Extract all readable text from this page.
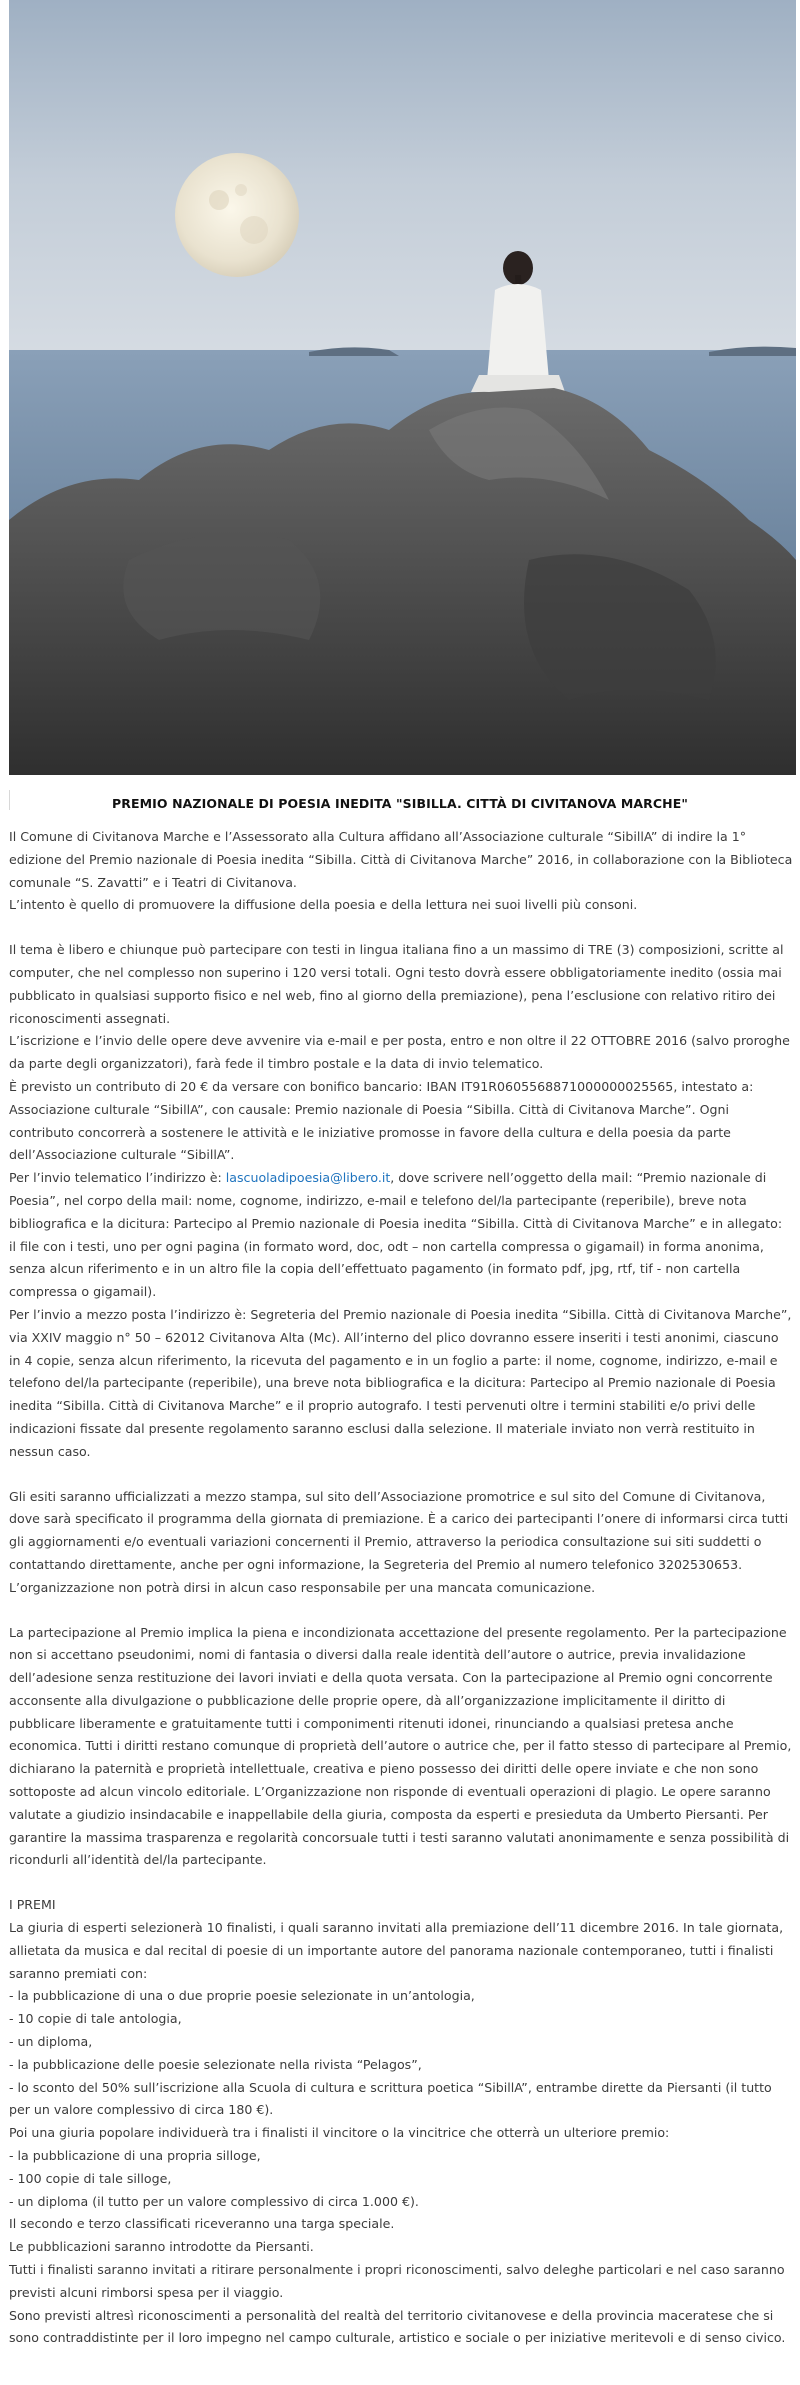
PREMIO NAZIONALE DI POESIA INEDITA "SIBILLA. CITTÀ DI CIVITANOVA MARCHE"

Il Comune di Civitanova Marche e l’Assessorato alla Cultura affidano all’Associazione culturale “SibillA” di indire la 1° edizione del Premio nazionale di Poesia inedita “Sibilla. Città di Civitanova Marche” 2016, in collaborazione con la Biblioteca comunale “S. Zavatti” e i Teatri di Civitanova.

L’intento è quello di promuovere la diffusione della poesia e della lettura nei suoi livelli più consoni.

Il tema è libero e chiunque può partecipare con testi in lingua italiana fino a un massimo di TRE (3) composizioni, scritte al computer, che nel complesso non superino i 120 versi totali. Ogni testo dovrà essere obbligatoriamente inedito (ossia mai pubblicato in qualsiasi supporto fisico e nel web, fino al giorno della premiazione), pena l’esclusione con relativo ritiro dei riconoscimenti assegnati.

L’iscrizione e l’invio delle opere deve avvenire via e-mail e per posta, entro e non oltre il 22 OTTOBRE 2016 (salvo proroghe da parte degli organizzatori), farà fede il timbro postale e la data di invio telematico.

È previsto un contributo di 20 € da versare con bonifico bancario: IBAN IT91R0605568871000000025565, intestato a: Associazione culturale “SibillA”, con causale: Premio nazionale di Poesia “Sibilla. Città di Civitanova Marche”. Ogni contributo concorrerà a sostenere le attività e le iniziative promosse in favore della cultura e della poesia da parte dell’Associazione culturale “SibillA”.

Per l’invio telematico l’indirizzo è: lascuoladipoesia@libero.it, dove scrivere nell’oggetto della mail: “Premio nazionale di Poesia”, nel corpo della mail: nome, cognome, indirizzo, e-mail e telefono del/la partecipante (reperibile), breve nota bibliografica e la dicitura: Partecipo al Premio nazionale di Poesia inedita “Sibilla. Città di Civitanova Marche” e in allegato: il file con i testi, uno per ogni pagina (in formato word, doc, odt – non cartella compressa o gigamail) in forma anonima, senza alcun riferimento e in un altro file la copia dell’effettuato pagamento (in formato pdf, jpg, rtf, tif - non cartella compressa o gigamail).

Per l’invio a mezzo posta l’indirizzo è: Segreteria del Premio nazionale di Poesia inedita “Sibilla. Città di Civitanova Marche”, via XXIV maggio n° 50 – 62012 Civitanova Alta (Mc). All’interno del plico dovranno essere inseriti i testi anonimi, ciascuno in 4 copie, senza alcun riferimento, la ricevuta del pagamento e in un foglio a parte: il nome, cognome, indirizzo, e-mail e telefono del/la partecipante (reperibile), una breve nota bibliografica e la dicitura: Partecipo al Premio nazionale di Poesia inedita “Sibilla. Città di Civitanova Marche” e il proprio autografo. I testi pervenuti oltre i termini stabiliti e/o privi delle indicazioni fissate dal presente regolamento saranno esclusi dalla selezione. Il materiale inviato non verrà restituito in nessun caso.

Gli esiti saranno ufficializzati a mezzo stampa, sul sito dell’Associazione promotrice e sul sito del Comune di Civitanova, dove sarà specificato il programma della giornata di premiazione. È a carico dei partecipanti l’onere di informarsi circa tutti gli aggiornamenti e/o eventuali variazioni concernenti il Premio, attraverso la periodica consultazione sui siti suddetti o contattando direttamente, anche per ogni informazione, la Segreteria del Premio al numero telefonico 3202530653.

L’organizzazione non potrà dirsi in alcun caso responsabile per una mancata comunicazione.

La partecipazione al Premio implica la piena e incondizionata accettazione del presente regolamento. Per la partecipazione non si accettano pseudonimi, nomi di fantasia o diversi dalla reale identità dell’autore o autrice, previa invalidazione dell’adesione senza restituzione dei lavori inviati e della quota versata. Con la partecipazione al Premio ogni concorrente acconsente alla divulgazione o pubblicazione delle proprie opere, dà all’organizzazione implicitamente il diritto di pubblicare liberamente e gratuitamente tutti i componimenti ritenuti idonei, rinunciando a qualsiasi pretesa anche economica. Tutti i diritti restano comunque di proprietà dell’autore o autrice che, per il fatto stesso di partecipare al Premio, dichiarano la paternità e proprietà intellettuale, creativa e pieno possesso dei diritti delle opere inviate e che non sono sottoposte ad alcun vincolo editoriale. L’Organizzazione non risponde di eventuali operazioni di plagio. Le opere saranno valutate a giudizio insindacabile e inappellabile della giuria, composta da esperti e presieduta da Umberto Piersanti. Per garantire la massima trasparenza e regolarità concorsuale tutti i testi saranno valutati anonimamente e senza possibilità di ricondurli all’identità del/la partecipante.

I PREMI

La giuria di esperti selezionerà 10 finalisti, i quali saranno invitati alla premiazione dell’11 dicembre 2016. In tale giornata, allietata da musica e dal recital di poesie di un importante autore del panorama nazionale contemporaneo, tutti i finalisti saranno premiati con:

- la pubblicazione di una o due proprie poesie selezionate in un’antologia,

- 10 copie di tale antologia,

- un diploma,

- la pubblicazione delle poesie selezionate nella rivista “Pelagos”,

- lo sconto del 50% sull’iscrizione alla Scuola di cultura e scrittura poetica “SibillA”, entrambe dirette da Piersanti (il tutto per un valore complessivo di circa 180 €).

Poi una giuria popolare individuerà tra i finalisti il vincitore o la vincitrice che otterrà un ulteriore premio:

- la pubblicazione di una propria silloge,

- 100 copie di tale silloge,

- un diploma (il tutto per un valore complessivo di circa 1.000 €).

Il secondo e terzo classificati riceveranno una targa speciale.

Le pubblicazioni saranno introdotte da Piersanti.

Tutti i finalisti saranno invitati a ritirare personalmente i propri riconoscimenti, salvo deleghe particolari e nel caso saranno previsti alcuni rimborsi spesa per il viaggio.

Sono previsti altresì riconoscimenti a personalità del realtà del territorio civitanovese e della provincia maceratese che si sono contraddistinte per il loro impegno nel campo culturale, artistico e sociale o per iniziative meritevoli e di senso civico.
